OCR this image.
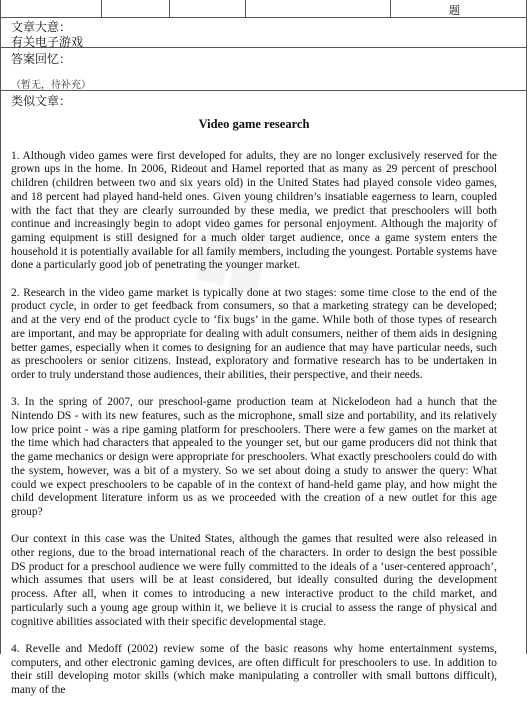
题
文章大意：
有关电子游戏
答案回忆：
（暂无，待补充）
类似文章：
Video game research

1. Although video games were first developed for adults, they are no longer exclusively reserved for the grown ups in the home. In 2006, Rideout and Hamel reported that as many as 29 percent of preschool children (children between two and six years old) in the United States had played console video games, and 18 percent had played hand-held ones. Given young children’s insatiable eagerness to learn, coupled with the fact that they are clearly surrounded by these media, we predict that preschoolers will both continue and increasingly begin to adopt video games for personal enjoyment. Although the majority of gaming equipment is still designed for a much older target audience, once a game system enters the household it is potentially available for all family members, including the youngest. Portable systems have done a particularly good job of penetrating the younger market.

2. Research in the video game market is typically done at two stages: some time close to the end of the product cycle, in order to get feedback from consumers, so that a marketing strategy can be developed; and at the very end of the product cycle to ‘fix bugs’ in the game. While both of those types of research are important, and may be appropriate for dealing with adult consumers, neither of them aids in designing better games, especially when it comes to designing for an audience that may have particular needs, such as preschoolers or senior citizens. Instead, exploratory and formative research has to be undertaken in order to truly understand those audiences, their abilities, their perspective, and their needs.

3. In the spring of 2007, our preschool-game production team at Nickelodeon had a hunch that the Nintendo DS - with its new features, such as the microphone, small size and portability, and its relatively low price point - was a ripe gaming platform for preschoolers. There were a few games on the market at the time which had characters that appealed to the younger set, but our game producers did not think that the game mechanics or design were appropriate for preschoolers. What exactly preschoolers could do with the system, however, was a bit of a mystery. So we set about doing a study to answer the query: What could we expect preschoolers to be capable of in the context of hand-held game play, and how might the child development literature inform us as we proceeded with the creation of a new outlet for this age group?

Our context in this case was the United States, although the games that resulted were also released in other regions, due to the broad international reach of the characters. In order to design the best possible DS product for a preschool audience we were fully committed to the ideals of a ‘user-centered approach’, which assumes that users will be at least considered, but ideally consulted during the development process. After all, when it comes to introducing a new interactive product to the child market, and particularly such a young age group within it, we believe it is crucial to assess the range of physical and cognitive abilities associated with their specific developmental stage.

4. Revelle and Medoff (2002) review some of the basic reasons why home entertainment systems, computers, and other electronic gaming devices, are often difficult for preschoolers to use. In addition to their still developing motor skills (which make manipulating a controller with small buttons difficult), many of the
